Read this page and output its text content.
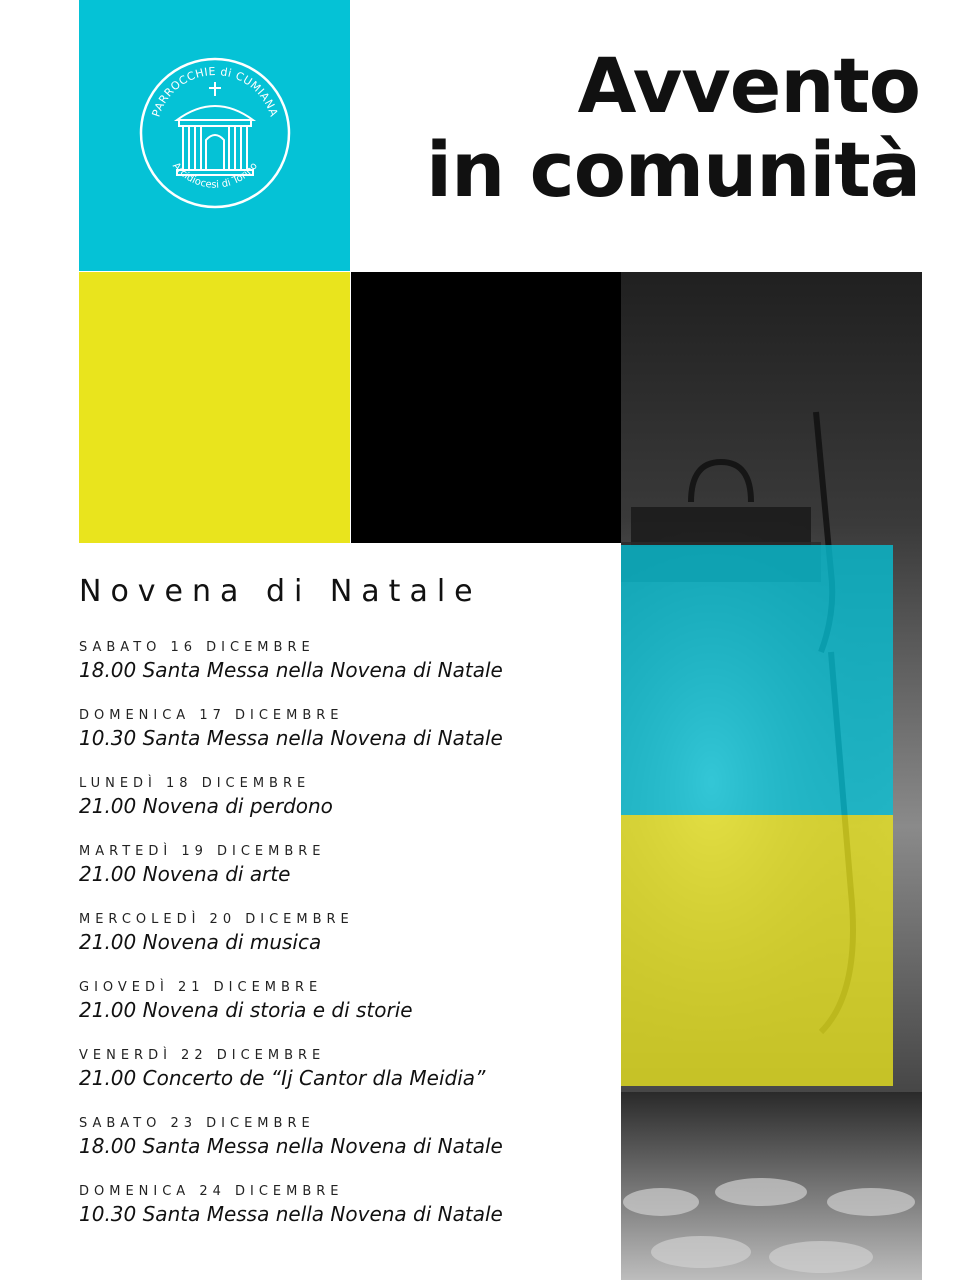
PARROCCHIE di CUMIANA
Arcidiocesi di Torino
Avvento
in comunità
Novena di Natale
SABATO 16 DICEMBRE
18.00 Santa Messa nella Novena di Natale
DOMENICA 17 DICEMBRE
10.30 Santa Messa nella Novena di Natale
LUNEDÌ 18 DICEMBRE
21.00 Novena di perdono
MARTEDÌ 19 DICEMBRE
21.00 Novena di arte
MERCOLEDÌ 20 DICEMBRE
21.00 Novena di musica
GIOVEDÌ 21 DICEMBRE
21.00 Novena di storia e di storie
VENERDÌ 22 DICEMBRE
21.00 Concerto de “Ij Cantor dla Meidia”
SABATO 23 DICEMBRE
18.00 Santa Messa nella Novena di Natale
DOMENICA 24 DICEMBRE
10.30 Santa Messa nella Novena di Natale
